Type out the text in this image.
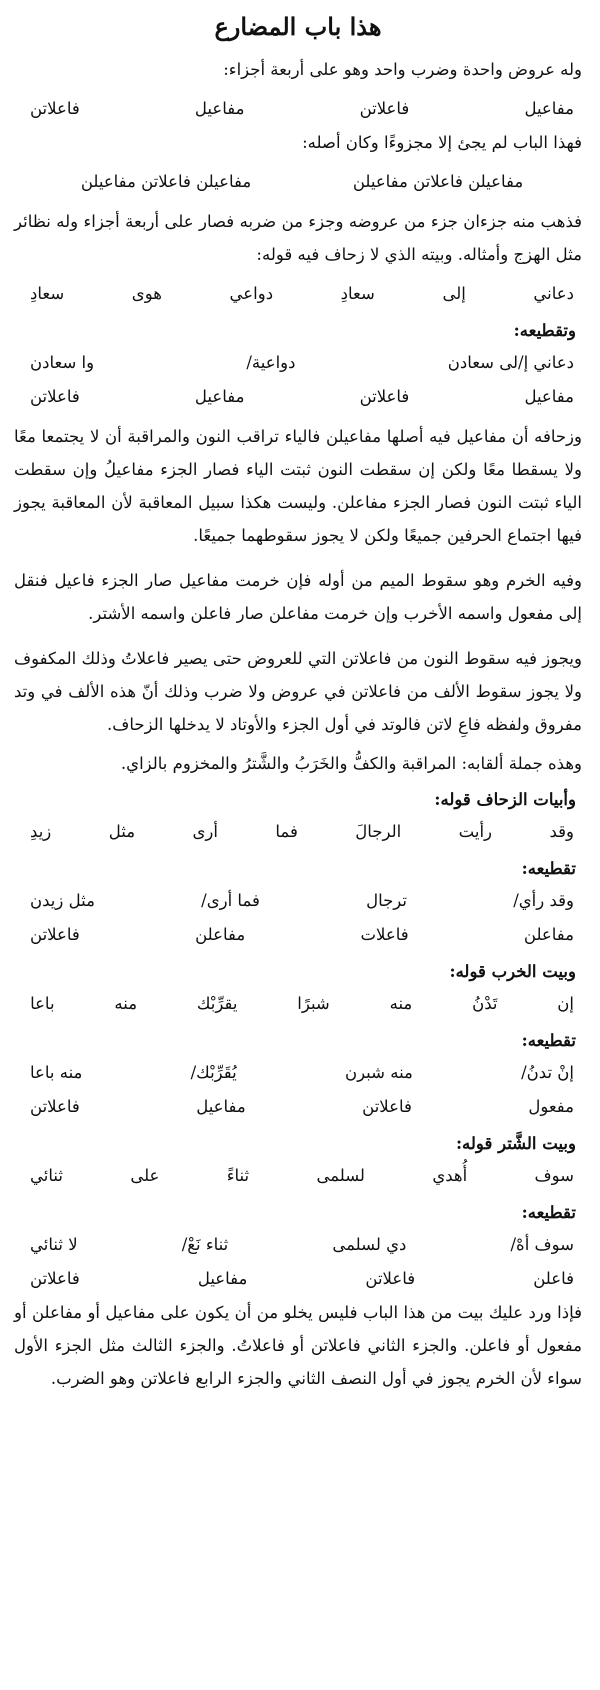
هذا باب المضارع
وله عروض واحدة وضرب واحد وهو على أربعة أجزاء:
مفاعيل
فاعلاتن
مفاعيل
فاعلاتن
فهذا الباب لم يجئ إلا مجزوءًا وكان أصله:
مفاعيلن فاعلاتن مفاعيلن
مفاعيلن فاعلاتن مفاعيلن
فذهب منه جزءان جزء من عروضه وجزء من ضربه فصار على أربعة أجزاء وله نظائر مثل الهزج وأمثاله. وبيته الذي لا زحاف فيه قوله:
دعاني
إلى
سعادِ
دواعي
هوى
سعادِ
وتقطيعه:
دعاني إ/لى سعادن
دواعية/
وا سعادن
مفاعيل
فاعلاتن
مفاعيل
فاعلاتن
وزحافه أن مفاعيل فيه أصلها مفاعيلن فالياء تراقب النون والمراقبة أن لا يجتمعا معًا ولا يسقطا معًا ولكن إن سقطت النون ثبتت الياء فصار الجزء مفاعيلُ وإن سقطت الياء ثبتت النون فصار الجزء مفاعلن. وليست هكذا سبيل المعاقبة لأن المعاقبة يجوز فيها اجتماع الحرفين جميعًا ولكن لا يجوز سقوطهما جميعًا.
وفيه الخرم وهو سقوط الميم من أوله فإن خرمت مفاعيل صار الجزء فاعيل فنقل إلى مفعول واسمه الأخرب وإن خرمت مفاعلن صار فاعلن واسمه الأشتر.
ويجوز فيه سقوط النون من فاعلاتن التي للعروض حتى يصير فاعلاتُ وذلك المكفوف ولا يجوز سقوط الألف من فاعلاتن في عروض ولا ضرب وذلك أنّ هذه الألف في وتد مفروق ولفظه فاعِ لاتن فالوتد في أول الجزء والأوتاد لا يدخلها الزحاف.
وهذه جملة ألقابه: المراقبة والكفُّ والخَرَبُ والشَّترُ والمخزوم بالزاي.
وأبيات الزحاف قوله:
وقد
رأيت
الرجالَ
فما
أرى
مثل
زيدِ
تقطيعه:
وقد رأي/
ترجال
فما أرى/
مثل زيدن
مفاعلن
فاعلات
مفاعلن
فاعلاتن
وبيت الخرب قوله:
إن
تَدْنُ
منه
شبرًا
يقرِّبْك
منه
باعا
تقطيعه:
إنْ تدنُ/
منه شبرن
يُقَرِّبْك/
منه باعا
مفعول
فاعلاتن
مفاعيل
فاعلاتن
وبيت الشَّتر قوله:
سوف
أُهدي
لسلمى
ثناءً
على
ثنائي
تقطيعه:
سوف أهْ/
دي لسلمى
ثناء نَعْ/
لا ثنائي
فاعلن
فاعلاتن
مفاعيل
فاعلاتن
فإذا ورد عليك بيت من هذا الباب فليس يخلو من أن يكون على مفاعيل أو مفاعلن أو مفعول أو فاعلن. والجزء الثاني فاعلاتن أو فاعلاتُ. والجزء الثالث مثل الجزء الأول سواء لأن الخرم يجوز في أول النصف الثاني والجزء الرابع فاعلاتن وهو الضرب.
